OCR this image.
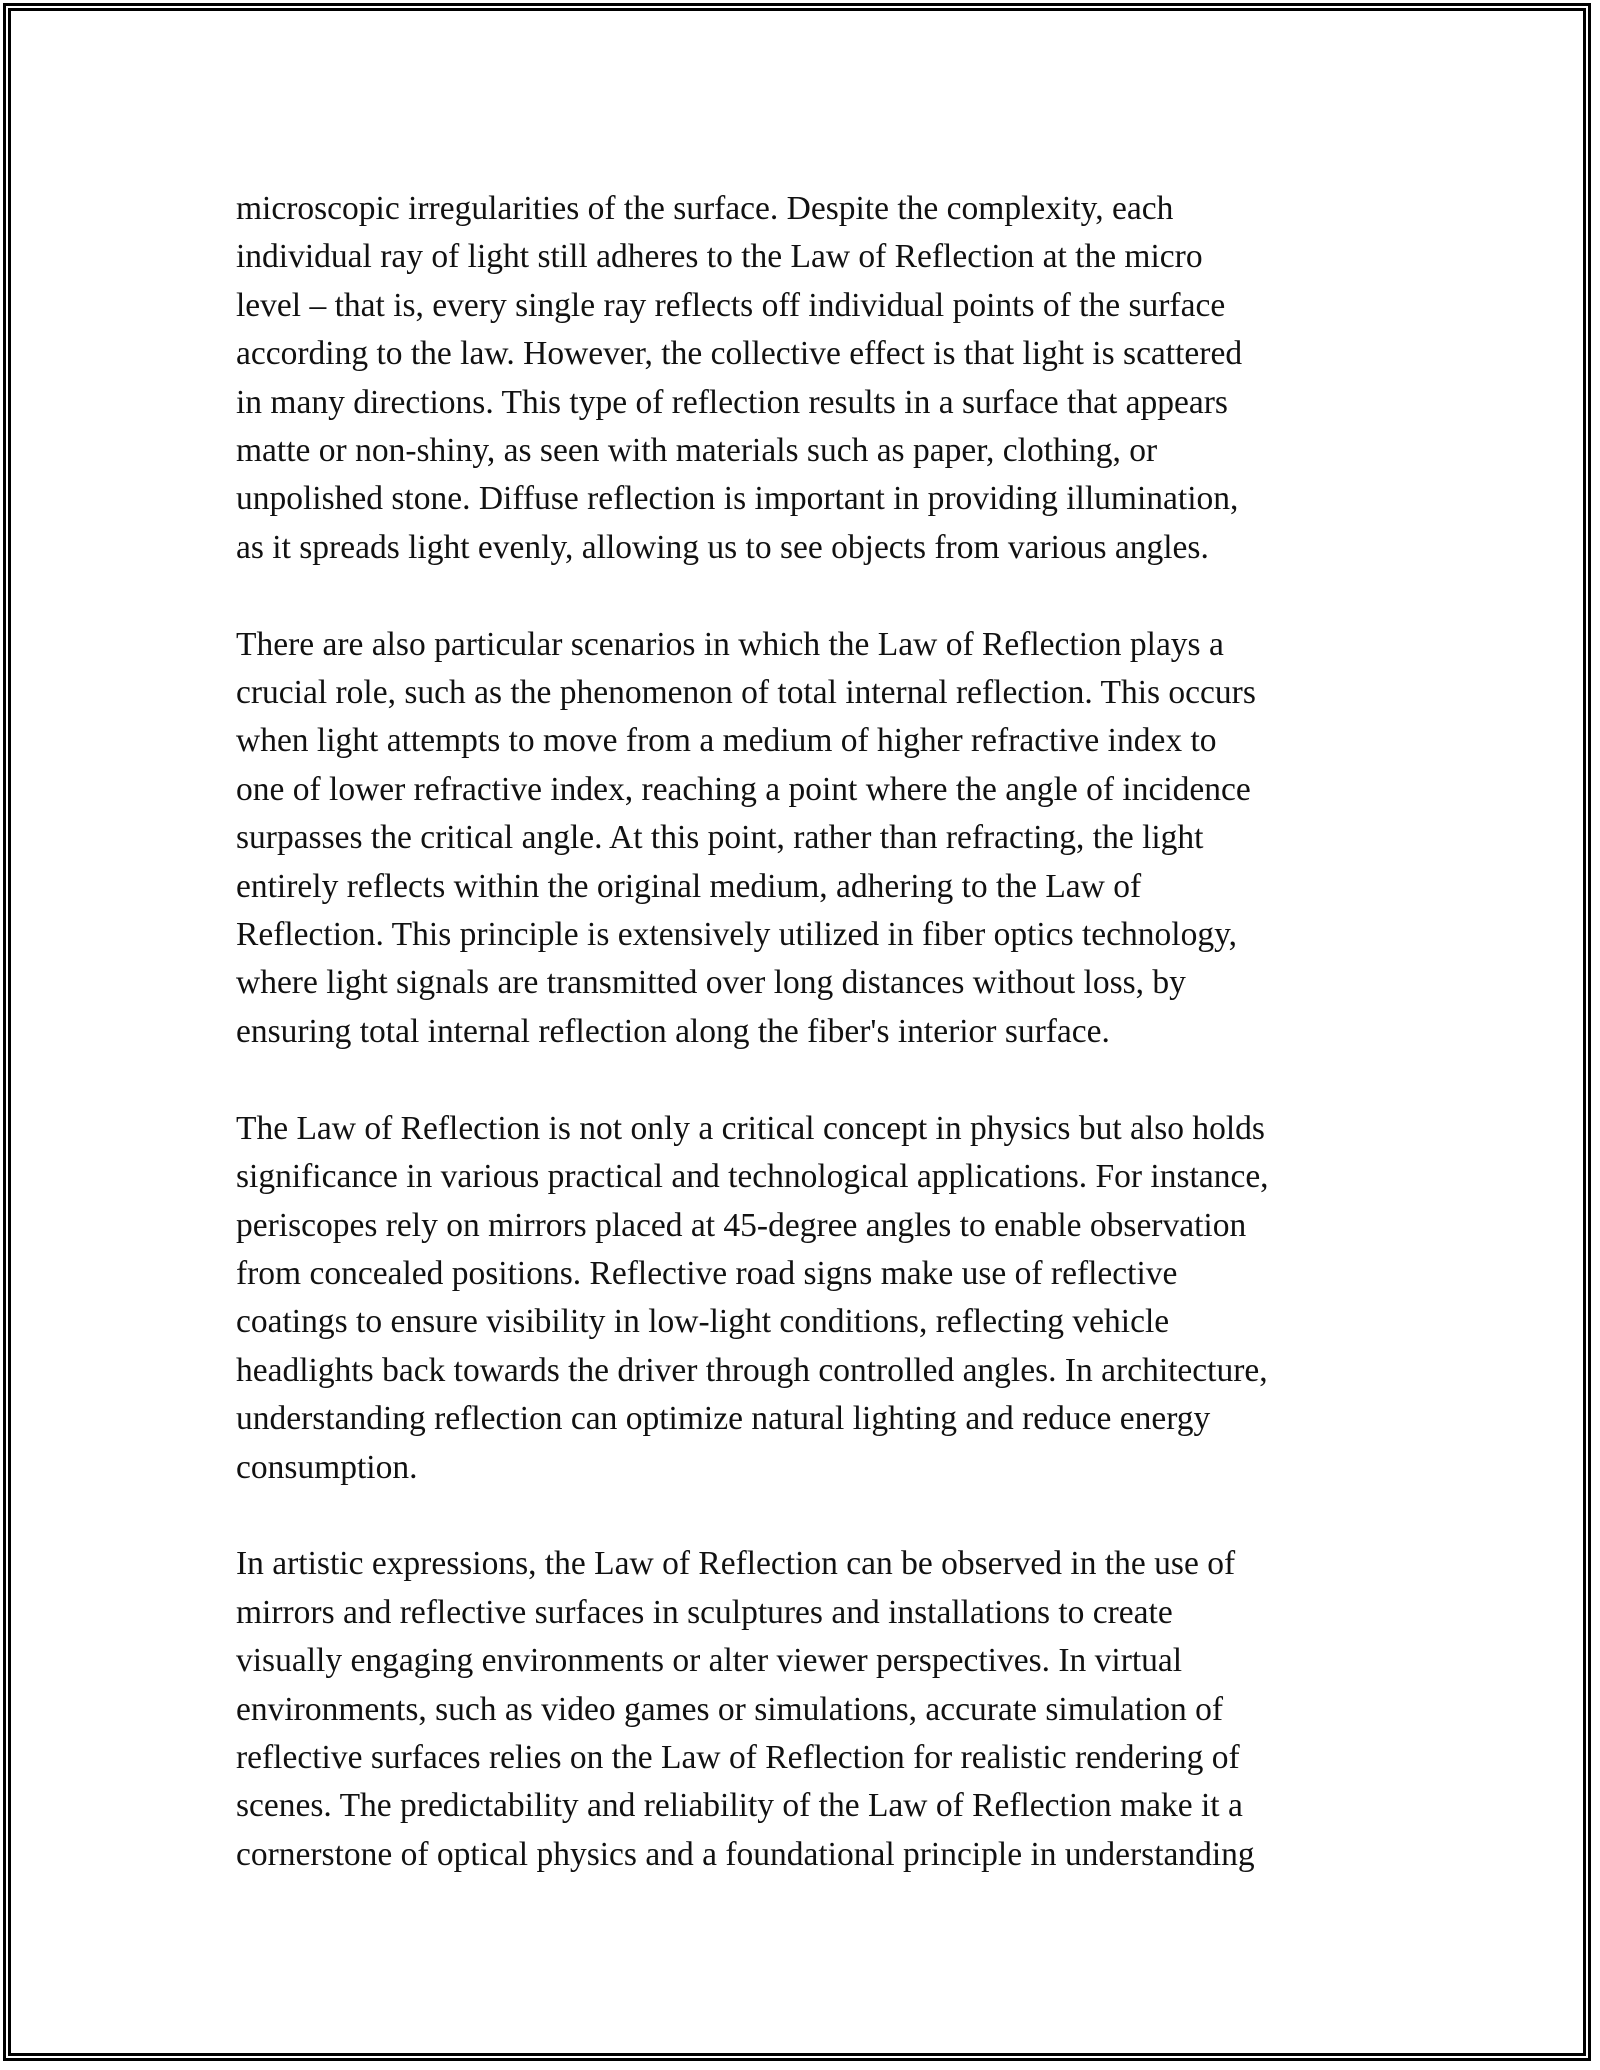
microscopic irregularities of the surface. Despite the complexity, each
individual ray of light still adheres to the Law of Reflection at the micro
level – that is, every single ray reflects off individual points of the surface
according to the law. However, the collective effect is that light is scattered
in many directions. This type of reflection results in a surface that appears
matte or non-shiny, as seen with materials such as paper, clothing, or
unpolished stone. Diffuse reflection is important in providing illumination,
as it spreads light evenly, allowing us to see objects from various angles.

There are also particular scenarios in which the Law of Reflection plays a
crucial role, such as the phenomenon of total internal reflection. This occurs
when light attempts to move from a medium of higher refractive index to
one of lower refractive index, reaching a point where the angle of incidence
surpasses the critical angle. At this point, rather than refracting, the light
entirely reflects within the original medium, adhering to the Law of
Reflection. This principle is extensively utilized in fiber optics technology,
where light signals are transmitted over long distances without loss, by
ensuring total internal reflection along the fiber's interior surface.

The Law of Reflection is not only a critical concept in physics but also holds
significance in various practical and technological applications. For instance,
periscopes rely on mirrors placed at 45-degree angles to enable observation
from concealed positions. Reflective road signs make use of reflective
coatings to ensure visibility in low-light conditions, reflecting vehicle
headlights back towards the driver through controlled angles. In architecture,
understanding reflection can optimize natural lighting and reduce energy
consumption.

In artistic expressions, the Law of Reflection can be observed in the use of
mirrors and reflective surfaces in sculptures and installations to create
visually engaging environments or alter viewer perspectives. In virtual
environments, such as video games or simulations, accurate simulation of
reflective surfaces relies on the Law of Reflection for realistic rendering of
scenes. The predictability and reliability of the Law of Reflection make it a
cornerstone of optical physics and a foundational principle in understanding
